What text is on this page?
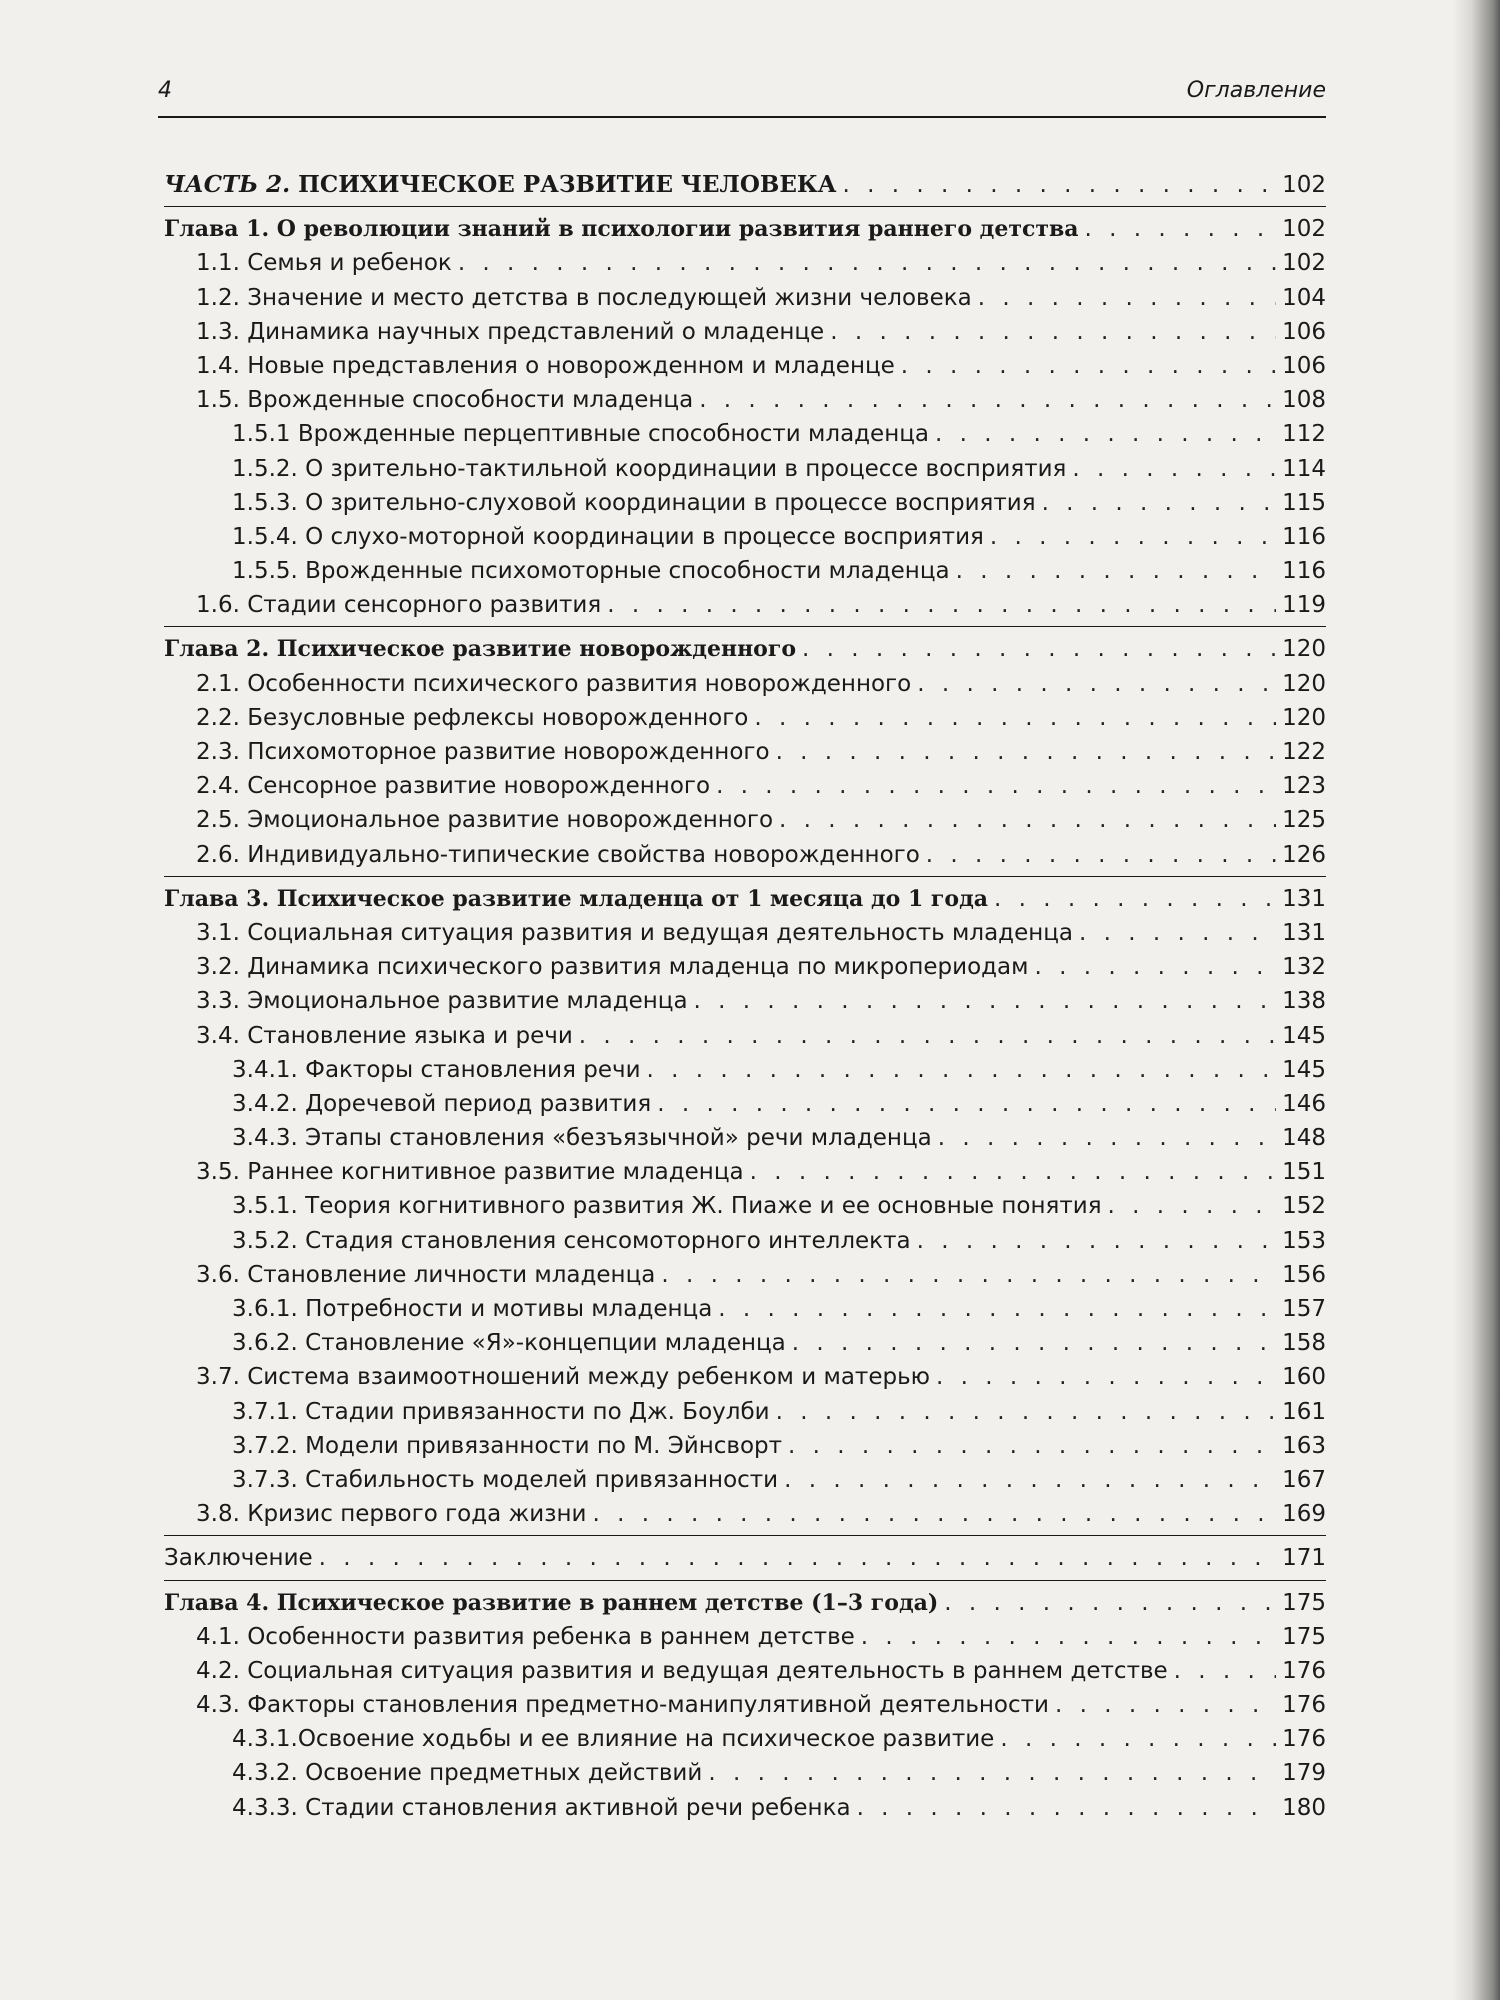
4	Оглавление
ЧАСТЬ 2. ПСИХИЧЕСКОЕ РАЗВИТИЕ ЧЕЛОВЕКА . . .	102
Глава 1. О революции знаний в психологии развития раннего детства . . .	102
1.1. Семья и ребенок . . .	102
1.2. Значение и место детства в последующей жизни человека . . .	104
1.3. Динамика научных представлений о младенце . . .	106
1.4. Новые представления о новорожденном и младенце . . .	106
1.5. Врожденные способности младенца . . .	108
1.5.1 Врожденные перцептивные способности младенца . . .	112
1.5.2. О зрительно-тактильной координации в процессе восприятия . . .	114
1.5.3. О зрительно-слуховой координации в процессе восприятия . . .	115
1.5.4. О слухо-моторной координации в процессе восприятия . . .	116
1.5.5. Врожденные психомоторные способности младенца . . .	116
1.6. Стадии сенсорного развития . . .	119
Глава 2. Психическое развитие новорожденного . . .	120
2.1. Особенности психического развития новорожденного . . .	120
2.2. Безусловные рефлексы новорожденного . . .	120
2.3. Психомоторное развитие новорожденного . . .	122
2.4. Сенсорное развитие новорожденного . . .	123
2.5. Эмоциональное развитие новорожденного . . .	125
2.6. Индивидуально-типические свойства новорожденного . . .	126
Глава 3. Психическое развитие младенца от 1 месяца до 1 года . . .	131
3.1. Социальная ситуация развития и ведущая деятельность младенца . . .	131
3.2. Динамика психического развития младенца по микропериодам . . .	132
3.3. Эмоциональное развитие младенца . . .	138
3.4. Становление языка и речи . . .	145
3.4.1. Факторы становления речи . . .	145
3.4.2. Доречевой период развития . . .	146
3.4.3. Этапы становления «безъязычной» речи младенца . . .	148
3.5. Раннее когнитивное развитие младенца . . .	151
3.5.1. Теория когнитивного развития Ж. Пиаже и ее основные понятия . . .	152
3.5.2. Стадия становления сенсомоторного интеллекта . . .	153
3.6. Становление личности младенца . . .	156
3.6.1. Потребности и мотивы младенца . . .	157
3.6.2. Становление «Я»-концепции младенца . . .	158
3.7. Система взаимоотношений между ребенком и матерью . . .	160
3.7.1. Стадии привязанности по Дж. Боулби . . .	161
3.7.2. Модели привязанности по М. Эйнсворт . . .	163
3.7.3. Стабильность моделей привязанности . . .	167
3.8. Кризис первого года жизни . . .	169
Заключение . . .	171
Глава 4. Психическое развитие в раннем детстве (1–3 года) . . .	175
4.1. Особенности развития ребенка в раннем детстве . . .	175
4.2. Социальная ситуация развития и ведущая деятельность в раннем детстве . . .	176
4.3. Факторы становления предметно-манипулятивной деятельности . . .	176
4.3.1.Освоение ходьбы и ее влияние на психическое развитие . . .	176
4.3.2. Освоение предметных действий . . .	179
4.3.3. Стадии становления активной речи ребенка . . .	180
